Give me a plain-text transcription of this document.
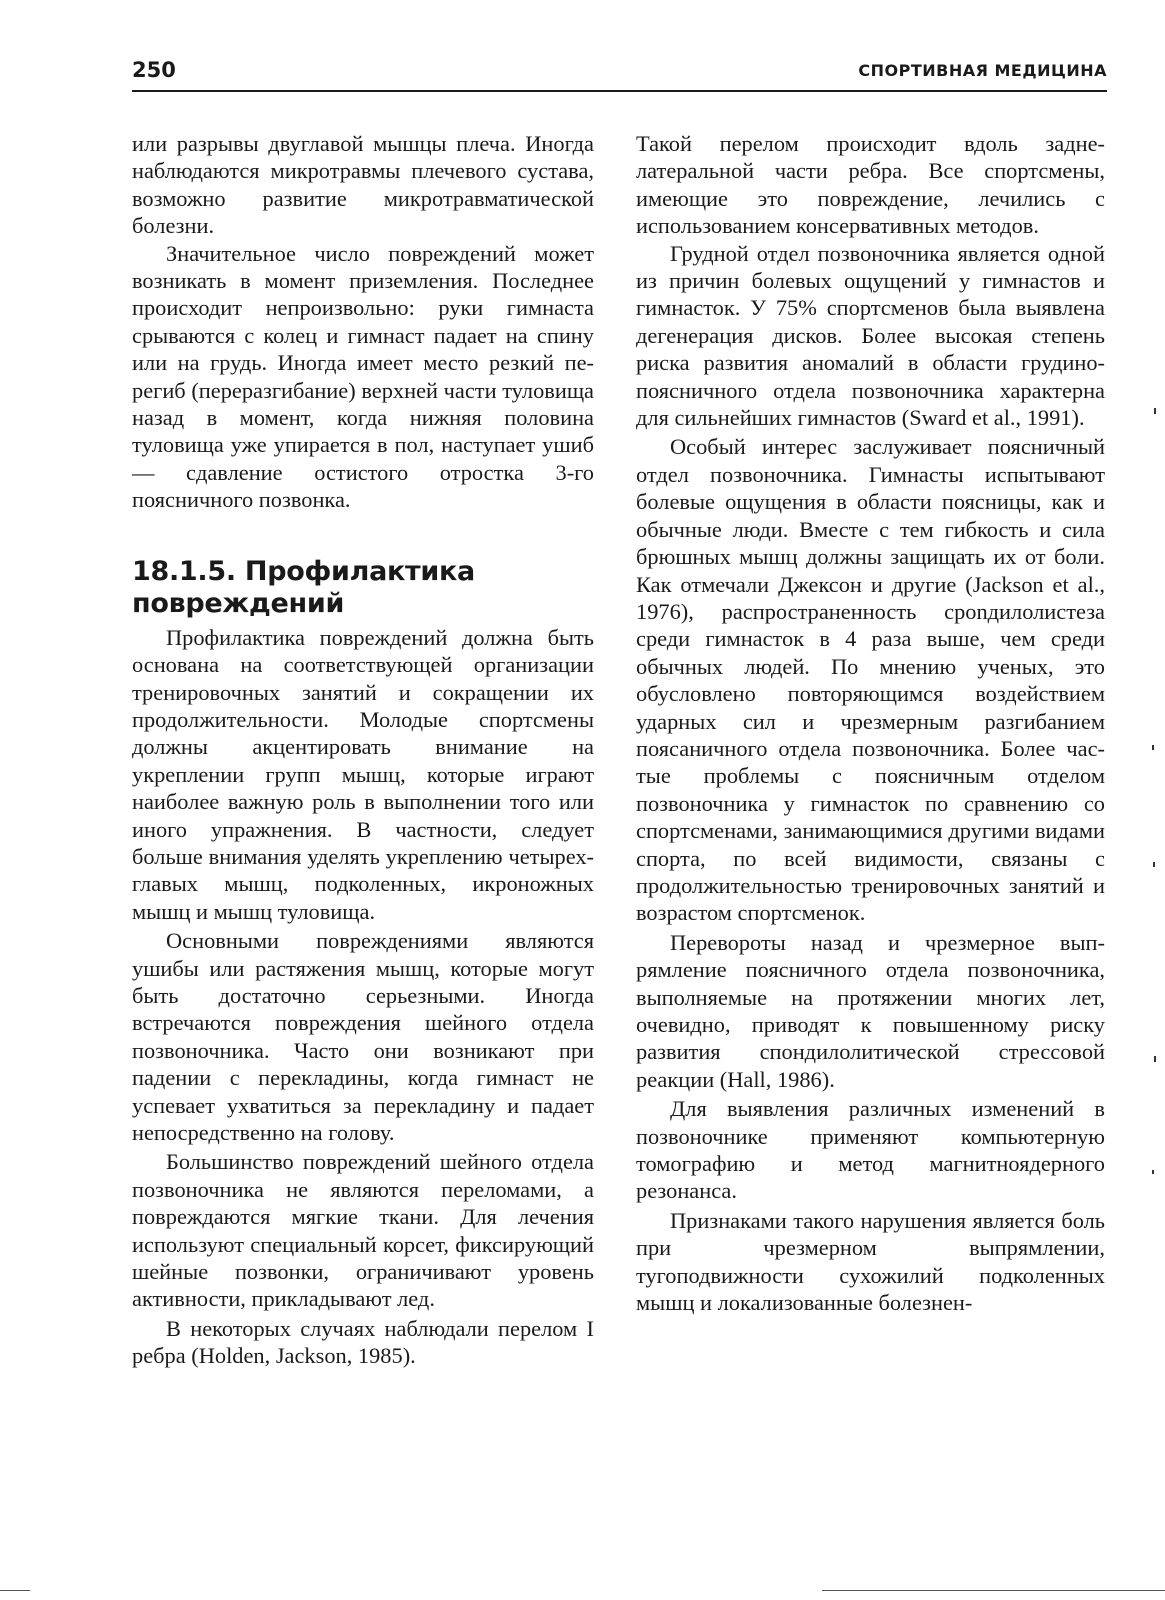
250	СПОРТИВНАЯ МЕДИЦИНА

или разрывы двуглавой мышцы плеча. Иногда наблюдаются микротравмы плечевого сустава, возможно развитие микротравматической болезни.

Значительное число повреждений может возникать в момент приземления. Последнее происходит непроизвольно: руки гимнаста срываются с колец и гимнаст падает на спину или на грудь. Иногда имеет место резкий перегиб (переразгибание) верхней части туловища назад в момент, когда нижняя половина туловища уже упирается в пол, наступает ушиб — сдавление остистого отростка 3-го поясничного позвонка.

18.1.5. Профилактика повреждений

Профилактика повреждений должна быть основана на соответствующей организации тренировочных занятий и сокращении их продолжительности. Молодые спортсмены должны акцентировать внимание на укреплении групп мышц, которые играют наиболее важную роль в выполнении того или иного упражнения. В частности, следует больше внимания уделять укреплению четырехглавых мышц, подколенных, икроножных мышц и мышц туловища.

Основными повреждениями являются ушибы или растяжения мышц, которые могут быть достаточно серьезными. Иногда встречаются повреждения шейного отдела позвоночника. Часто они возникают при падении с перекладины, когда гимнаст не успевает ухватиться за перекладину и падает непосредственно на голову.

Большинство повреждений шейного отдела позвоночника не являются переломами, а повреждаются мягкие ткани. Для лечения используют специальный корсет, фиксирующий шейные позвонки, ограничивают уровень активности, прикладывают лед.

В некоторых случаях наблюдали перелом I ребра (Holden, Jackson, 1985).

Такой перелом происходит вдоль заднелатеральной части ребра. Все спортсмены, имеющие это повреждение, лечились с использованием консервативных методов.

Грудной отдел позвоночника является одной из причин болевых ощущений у гимнастов и гимнасток. У 75% спортсменов была выявлена дегенерация дисков. Более высокая степень риска развития аномалий в области грудинопоясничного отдела позвоночника характерна для сильнейших гимнастов (Sward et al., 1991).

Особый интерес заслуживает поясничный отдел позвоночника. Гимнасты испытывают болевые ощущения в области поясницы, как и обычные люди. Вместе с тем гибкость и сила брюшных мышц должны защищать их от боли. Как отмечали Джексон и другие (Jackson et al., 1976), распространенность сponдилолистеза среди гимнасток в 4 раза выше, чем среди обычных людей. По мнению ученых, это обусловлено повторяющимся воздействием ударных сил и чрезмерным разгибанием поясаничного отдела позвоночника. Более частые проблемы с поясничным отделом позвоночника у гимнасток по сравнению со спортсменами, занимающимися другими видами спорта, по всей видимости, связаны с продолжительностью тренировочных занятий и возрастом спортсменок.

Перевороты назад и чрезмерное выпрямление поясничного отдела позвоночника, выполняемые на протяжении многих лет, очевидно, приводят к повышенному риску развития спондилолитической стрессовой реакции (Hall, 1986).

Для выявления различных изменений в позвоночнике применяют компьютерную томографию и метод магнитноядерного резонанса.

Признаками такого нарушения является боль при чрезмерном выпрямлении, тугоподвижности сухожилий подколенных мышц и локализованные болезнен-
